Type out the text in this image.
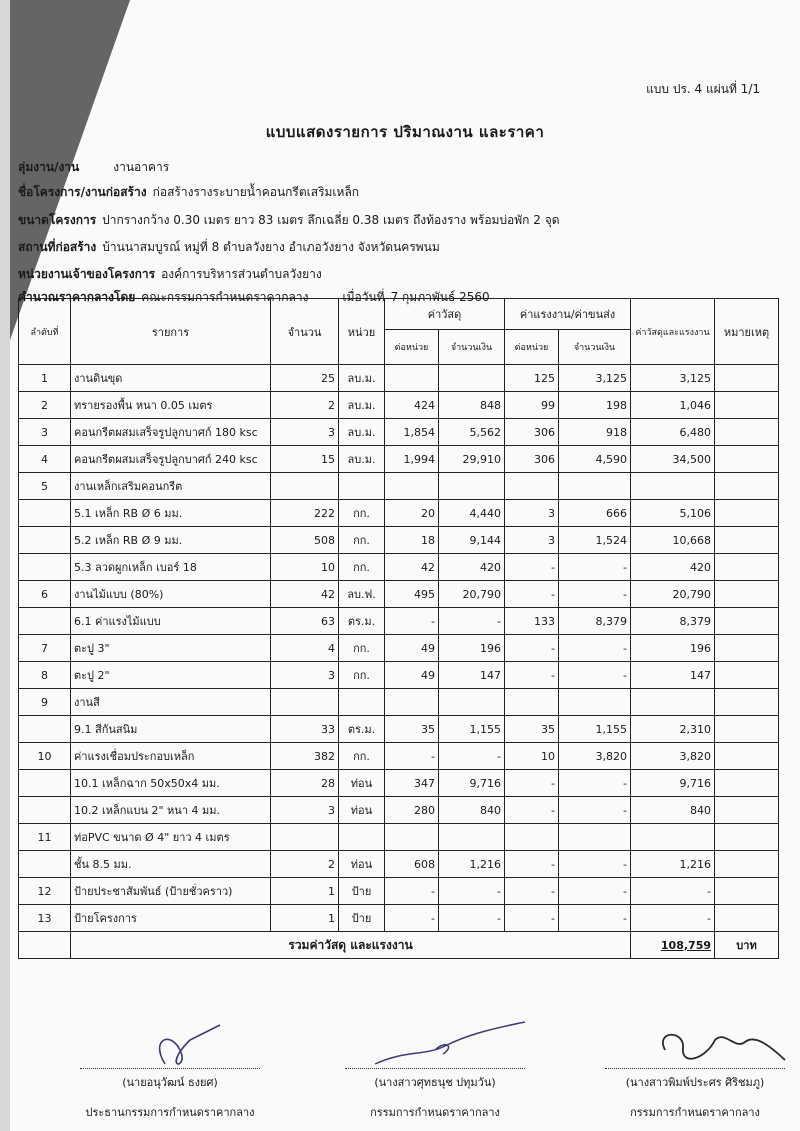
แบบ ปร. 4 แผ่นที่ 1/1
แบบแสดงรายการ ปริมาณงาน และราคา
ลุ่มงาน/งาน	งานอาคาร
ชื่อโครงการ/งานก่อสร้าง ก่อสร้างรางระบายน้ำคอนกรีตเสริมเหล็ก
ขนาดโครงการ ปากรางกว้าง 0.30 เมตร ยาว 83 เมตร ลึกเฉลี่ย 0.38 เมตร ถึงท้องราง พร้อมบ่อพัก 2 จุด
สถานที่ก่อสร้าง บ้านนาสมบูรณ์ หมู่ที่ 8 ตำบลวังยาง อำเภอวังยาง จังหวัดนครพนม
หน่วยงานเจ้าของโครงการ องค์การบริหารส่วนตำบลวังยาง
คำนวณราคากลางโดย คณะกรรมการกำหนดราคากลาง	เมื่อวันที่ 7 กุมภาพันธ์ 2560
ลำดับที่	รายการ	จำนวน	หน่วย	ค่าวัสดุ		ค่าแรงงาน/ค่าขนส่ง		ค่าวัสดุและแรงงาน	หมายเหตุ
				ต่อหน่วย	จำนวนเงิน	ต่อหน่วย	จำนวนเงิน		
1	งานดินขุด	25	ลบ.ม.			125	3,125	3,125	
2	ทรายรองพื้น หนา 0.05 เมตร	2	ลบ.ม.	424	848	99	198	1,046	
3	คอนกรีตผสมเสร็จรูปลูกบาศก์ 180 ksc	3	ลบ.ม.	1,854	5,562	306	918	6,480	
4	คอนกรีตผสมเสร็จรูปลูกบาศก์ 240 ksc	15	ลบ.ม.	1,994	29,910	306	4,590	34,500	
5	งานเหล็กเสริมคอนกรีต								
	5.1 เหล็ก RB Ø 6 มม.	222	กก.	20	4,440	3	666	5,106	
	5.2 เหล็ก RB Ø 9 มม.	508	กก.	18	9,144	3	1,524	10,668	
	5.3 ลวดผูกเหล็ก เบอร์ 18	10	กก.	42	420	-	-	420	
6	งานไม้แบบ (80%)	42	ลบ.ฟ.	495	20,790	-	-	20,790	
	6.1 ค่าแรงไม้แบบ	63	ตร.ม.	-	-	133	8,379	8,379	
7	ตะปู 3"	4	กก.	49	196	-	-	196	
8	ตะปู 2"	3	กก.	49	147	-	-	147	
9	งานสี								
	9.1 สีกันสนิม	33	ตร.ม.	35	1,155	35	1,155	2,310	
10	ค่าแรงเชื่อมประกอบเหล็ก	382	กก.	-	-	10	3,820	3,820	
	10.1 เหล็กฉาก 50x50x4 มม.	28	ท่อน	347	9,716	-	-	9,716	
	10.2 เหล็กแบน 2" หนา 4 มม.	3	ท่อน	280	840	-	-	840	
11	ท่อPVC ขนาด Ø 4" ยาว 4 เมตร								
	ชั้น 8.5 มม.	2	ท่อน	608	1,216	-	-	1,216	
12	ป้ายประชาสัมพันธ์ (ป้ายชั่วคราว)	1	ป้าย	-	-	-	-	-	
13	ป้ายโครงการ	1	ป้าย	-	-	-	-	-	
	รวมค่าวัสดุ และแรงงาน							108,759	บาท
(นายอนุวัฒน์ ธงยศ)
ประธานกรรมการกำหนดราคากลาง
(นางสาวศุทธนุช ปทุมวัน)
กรรมการกำหนดราคากลาง
(นางสาวพิมพ์ประศร ศิริชมภู)
กรรมการกำหนดราคากลาง
